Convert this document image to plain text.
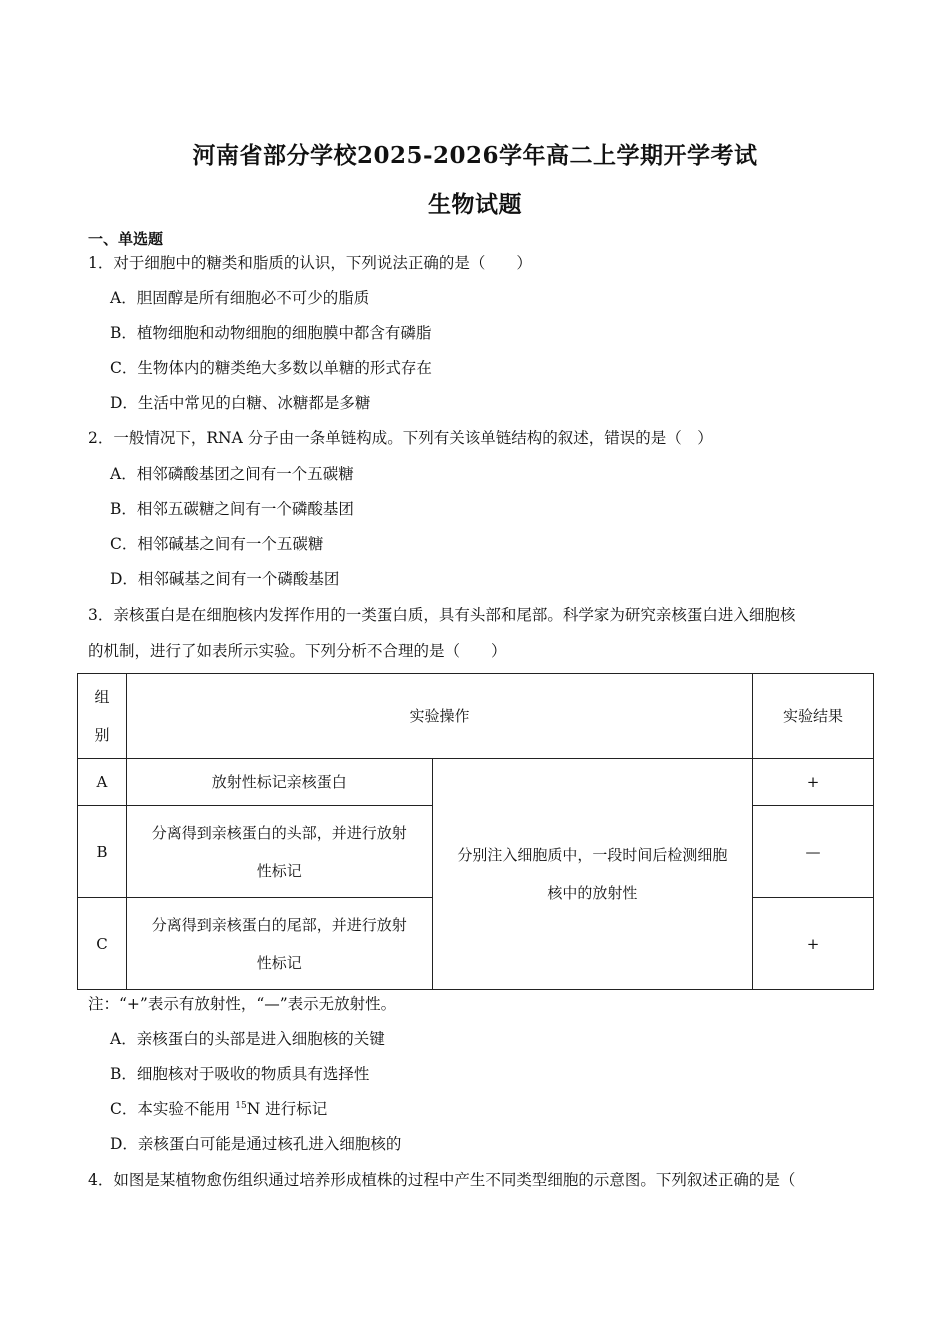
河南省部分学校2025-2026学年高二上学期开学考试
生物试题
一、单选题
1．对于细胞中的糖类和脂质的认识，下列说法正确的是（　　）
A．胆固醇是所有细胞必不可少的脂质
B．植物细胞和动物细胞的细胞膜中都含有磷脂
C．生物体内的糖类绝大多数以单糖的形式存在
D．生活中常见的白糖、冰糖都是多糖
2．一般情况下，RNA 分子由一条单链构成。下列有关该单链结构的叙述，错误的是（　）
A．相邻磷酸基团之间有一个五碳糖
B．相邻五碳糖之间有一个磷酸基团
C．相邻碱基之间有一个五碳糖
D．相邻碱基之间有一个磷酸基团
3．亲核蛋白是在细胞核内发挥作用的一类蛋白质，具有头部和尾部。科学家为研究亲核蛋白进入细胞核
的机制，进行了如表所示实验。下列分析不合理的是（　　）
组
别	实验操作		实验结果
A	放射性标记亲核蛋白	分别注入细胞质中，一段时间后检测细胞
核中的放射性	+
B	分离得到亲核蛋白的头部，并进行放射
性标记		—
C	分离得到亲核蛋白的尾部，并进行放射
性标记		+
注：“+”表示有放射性，“—”表示无放射性。
A．亲核蛋白的头部是进入细胞核的关键
B．细胞核对于吸收的物质具有选择性
C．本实验不能用 $^{15}$N 进行标记
D．亲核蛋白可能是通过核孔进入细胞核的
4．如图是某植物愈伤组织通过培养形成植株的过程中产生不同类型细胞的示意图。下列叙述正确的是（
